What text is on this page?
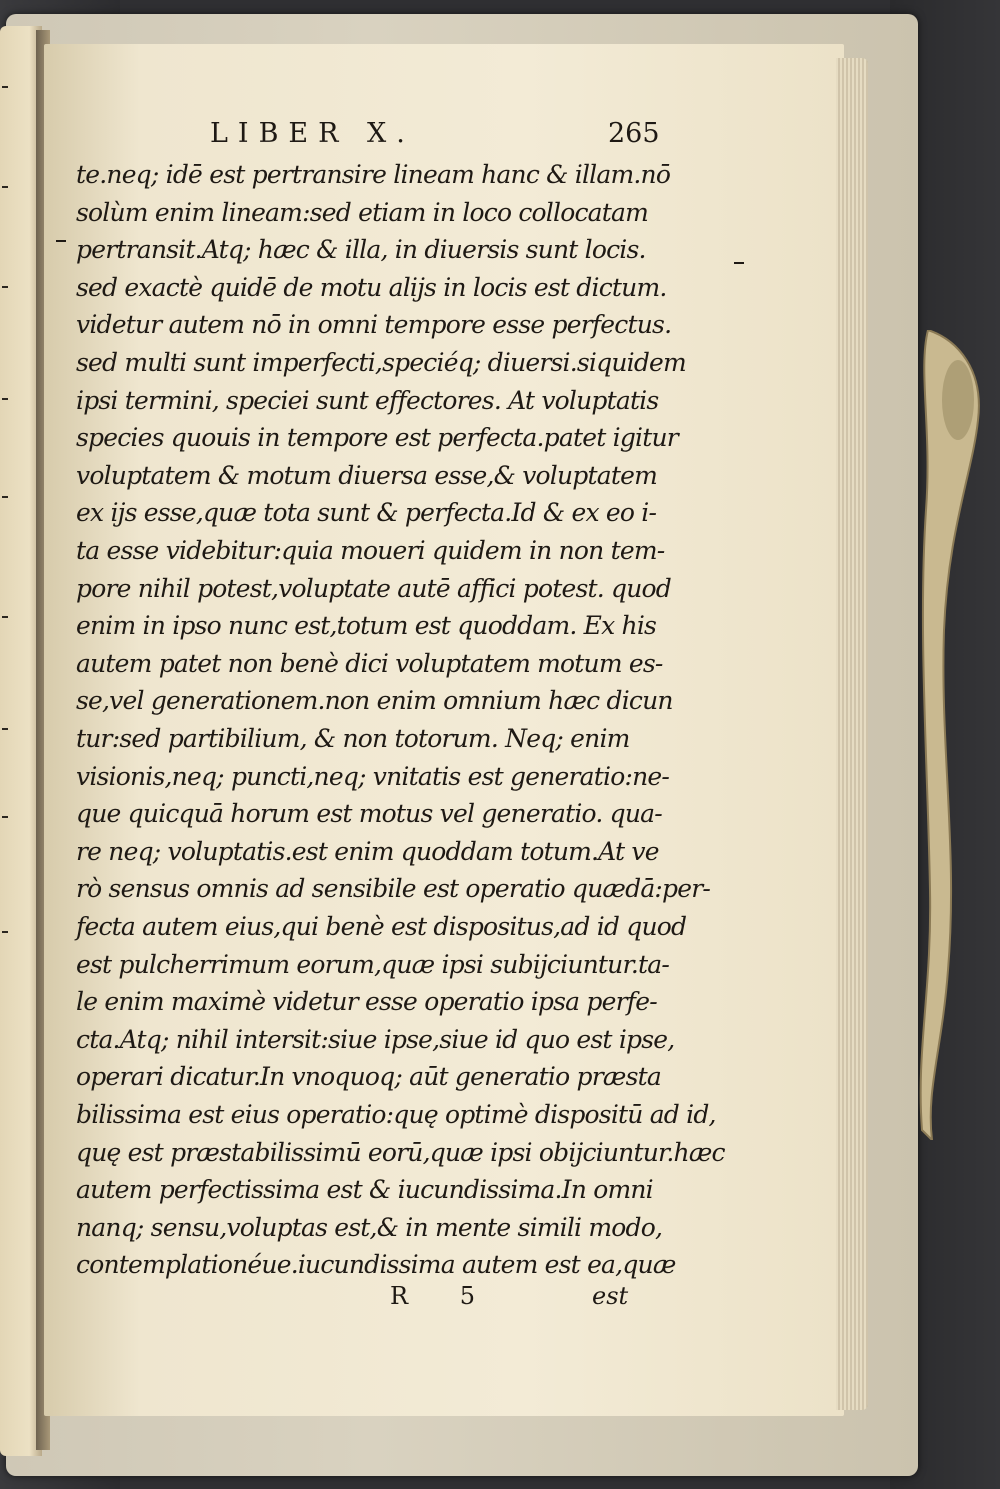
LIBER X.	265
te.neq; idē est pertransire lineam hanc & illam.nō
solùm enim lineam:sed etiam in loco collocatam
pertransit.Atq; hæc & illa, in diuersis sunt locis.
sed exactè quidē de motu alijs in locis est dictum.
videtur autem nō in omni tempore esse perfectus.
sed multi sunt imperfecti,speciéq; diuersi.siquidem
ipsi termini, speciei sunt effectores. At voluptatis
species quouis in tempore est perfecta.patet igitur
voluptatem & motum diuersa esse,& voluptatem
ex ijs esse,quæ tota sunt & perfecta.Id & ex eo i-
ta esse videbitur:quia moueri quidem in non tem-
pore nihil potest,voluptate autē affici potest. quod
enim in ipso nunc est,totum est quoddam. Ex his
autem patet non benè dici voluptatem motum es-
se,vel generationem.non enim omnium hæc dicun
tur:sed partibilium, & non totorum. Neq; enim
visionis,neq; puncti,neq; vnitatis est generatio:ne-
que quicquā horum est motus vel generatio. qua-
re neq; voluptatis.est enim quoddam totum.At ve
rò sensus omnis ad sensibile est operatio quædā:per-
fecta autem eius,qui benè est dispositus,ad id quod
est pulcherrimum eorum,quæ ipsi subijciuntur.ta-
le enim maximè videtur esse operatio ipsa perfe-
cta.Atq; nihil intersit:siue ipse,siue id quo est ipse,
operari dicatur.In vnoquoq; aūt generatio præsta
bilissima est eius operatio:quę optimè dispositū ad id,
quę est præstabilissimū eorū,quæ ipsi obijciuntur.hæc
autem perfectissima est & iucundissima.In omni
nanq; sensu,voluptas est,& in mente simili modo,
contemplationéue.iucundissima autem est ea,quæ
R 5	est
